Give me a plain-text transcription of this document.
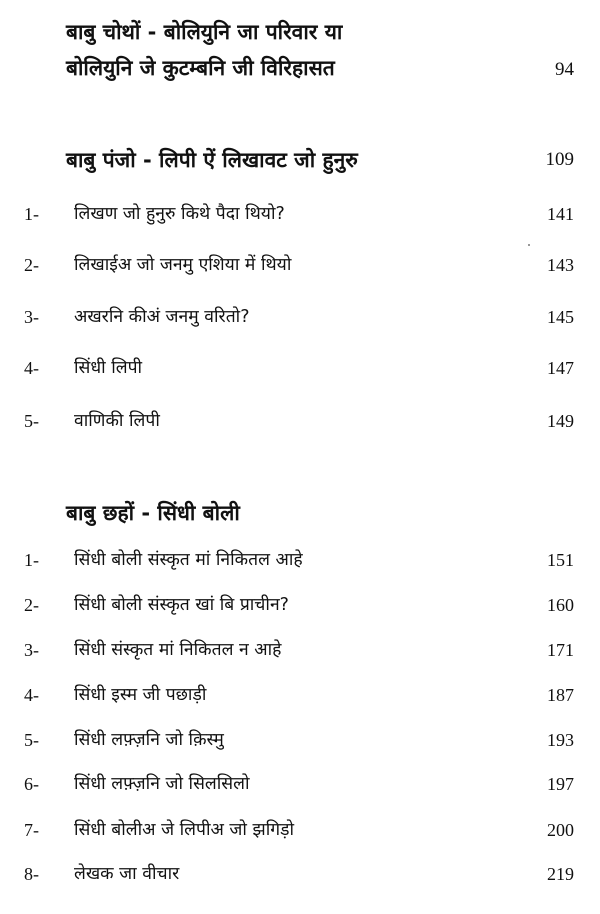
बाबु चोथों - बोलियुनि जा परिवार या
बोलियुनि जे कुटम्बनि जी विरिहासत	94
बाबु पंजो - लिपी ऐं लिखावट जो हुनुरु	109
1- लिखण जो हुनुरु किथे पैदा थियो?	141
2- लिखाईअ जो जनमु एशिया में थियो	143
3- अखरनि कीअं जनमु वरितो?	145
4- सिंधी लिपी	147
5- वाणिकी लिपी	149
बाबु छहों - सिंधी बोली
1- सिंधी बोली संस्कृत मां निकितल आहे	151
2- सिंधी बोली संस्कृत खां बि प्राचीन?	160
3- सिंधी संस्कृत मां निकितल न आहे	171
4- सिंधी इस्म जी पछाड़ी	187
5- सिंधी लफ़्ज़नि जो क़िस्मु	193
6- सिंधी लफ़्ज़नि जो सिलसिलो	197
7- सिंधी बोलीअ जे लिपीअ जो झगिड़ो	200
8- लेखक जा वीचार	219
